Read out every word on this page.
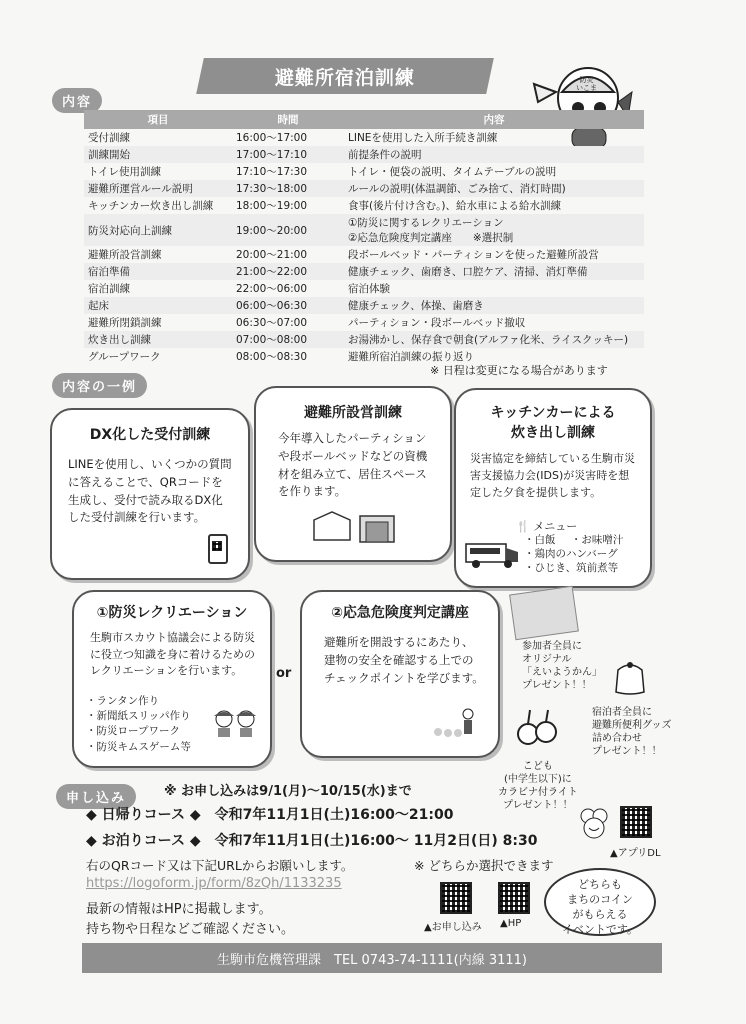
避難所宿泊訓練	防災
いこま
内容
項目	時間	内容
受付訓練	16:00～17:00	LINEを使用した入所手続き訓練
訓練開始	17:00～17:10	前提条件の説明
トイレ使用訓練	17:10～17:30	トイレ・便袋の説明、タイムテーブルの説明
避難所運営ルール説明	17:30～18:00	ルールの説明(体温調節、ごみ捨て、消灯時間)
キッチンカー炊き出し訓練	18:00～19:00	食事(後片付け含む。)、給水車による給水訓練
防災対応向上訓練	19:00～20:00	①防災に関するレクリエーション
②応急危険度判定講座　　※選択制

避難所設営訓練	20:00～21:00	段ボールベッド・パーティションを使った避難所設営
宿泊準備	21:00～22:00	健康チェック、歯磨き、口腔ケア、清掃、消灯準備
宿泊訓練	22:00～06:00	宿泊体験
起床	06:00～06:30	健康チェック、体操、歯磨き
避難所閉鎖訓練	06:30～07:00	パーティション・段ボールベッド撤収
炊き出し訓練	07:00～08:00	お湯沸かし、保存食で朝食(アルファ化米、ライスクッキー)
グループワーク	08:00～08:30	避難所宿泊訓練の振り返り
※ 日程は変更になる場合があります
内容の一例
DX化した受付訓練

LINEを使用し、いくつかの質問に答えることで、QRコードを生成し、受付で読み取るDX化した受付訓練を行います。

避難所設営訓練

今年導入したパーティションや段ボールベッドなどの資機材を組み立て、居住スペースを作ります。

キッチンカーによる
炊き出し訓練

災害協定を締結している生駒市災害支援協力会(IDS)が災害時を想定した夕食を提供します。

🍴 メニュー
・白飯 ・お味噌汁
・鶏肉のハンバーグ
・ひじき、筑前煮等
①防災レクリエーション

生駒市スカウト協議会による防災に役立つ知識を身に着けるためのレクリエーションを行います。

・ランタン作り
・新聞紙スリッパ作り
・防災ロープワーク
・防災キムスゲーム等
or
②応急危険度判定講座

避難所を開設するにあたり、建物の安全を確認する上でのチェックポイントを学びます。

参加者全員に
オリジナル
「えいようかん」
プレゼント！！
宿泊者全員に
避難所便利グッズ
詰め合わせ
プレゼント！！
こども
(中学生以下)に
カラビナ付ライト
プレゼント！！
申し込み	※ お申し込みは9/1(月)～10/15(水)まで
◆ 日帰りコース ◆　令和7年11月1日(土)16:00～21:00
◆ お泊りコース ◆　令和7年11月1日(土)16:00～ 11月2日(日) 8:30
右のQRコード又は下記URLからお願いします。	※ どちらか選択できます
https://logoform.jp/form/8zQh/1133235
最新の情報はHPに掲載します。
持ち物や日程などご確認ください。	▲お申し込み ▲HP
▲アプリDL
どちらも
まちのコイン
がもらえる
イベントです。
生駒市危機管理課　TEL 0743-74-1111(内線 3111)
